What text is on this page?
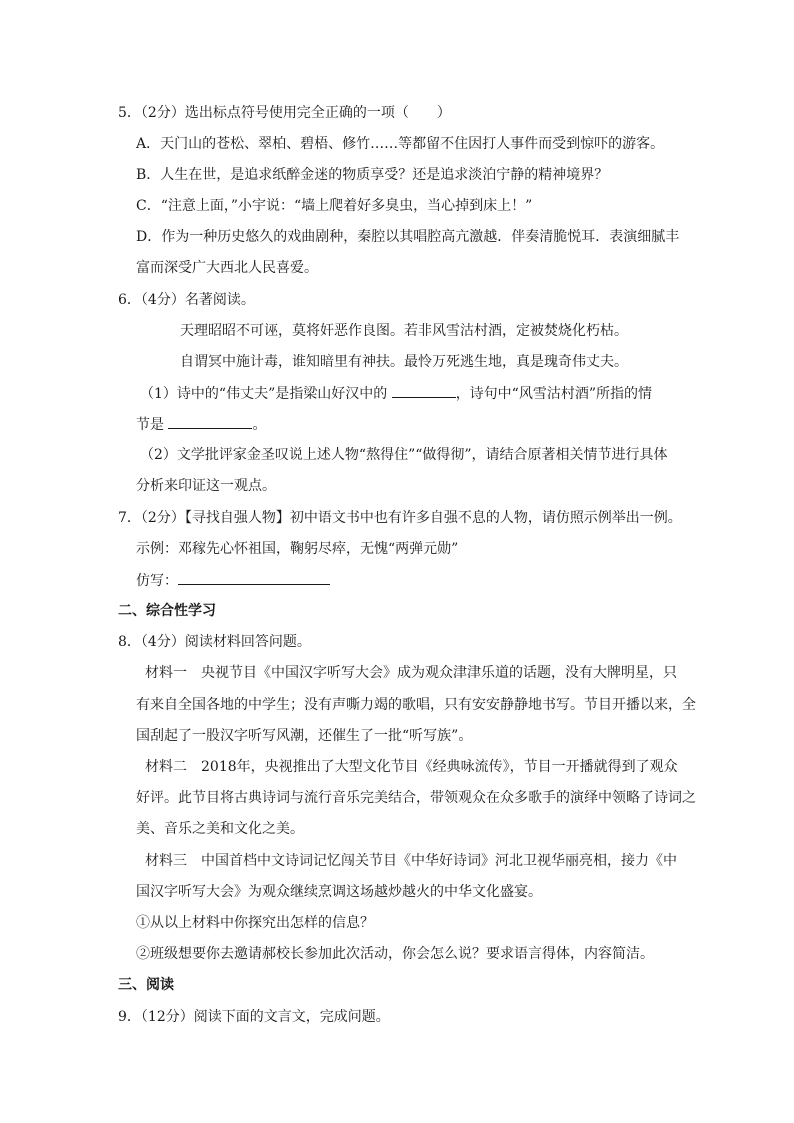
5．（2分）选出标点符号使用完全正确的一项（　　）
A．天门山的苍松、翠柏、碧梧、修竹……等都留不住因打人事件而受到惊吓的游客。
B．人生在世，是追求纸醉金迷的物质享受？还是追求淡泊宁静的精神境界？
C．“注意上面，”小宇说：“墙上爬着好多臭虫，当心掉到床上！”
D．作为一种历史悠久的戏曲剧种，秦腔以其唱腔高亢激越．伴奏清脆悦耳．表演细腻丰
富而深受广大西北人民喜爱。
6．（4分）名著阅读。
天理昭昭不可诬，莫将奸恶作良图。若非风雪沽村酒，定被焚烧化朽枯。
自谓冥中施计毒，谁知暗里有神扶。最怜万死逃生地，真是瑰奇伟丈夫。
（1）诗中的“伟丈夫”是指梁山好汉中的	，诗句中“风雪沽村酒”所指的情
节是	。
（2）文学批评家金圣叹说上述人物“熬得住”“做得彻”，请结合原著相关情节进行具体
分析来印证这一观点。
7．（2分）【寻找自强人物】初中语文书中也有许多自强不息的人物，请仿照示例举出一例。
示例：邓稼先心怀祖国，鞠躬尽瘁，无愧“两弹元勋”
仿写：
二、综合性学习
8．（4分）阅读材料回答问题。
材料一　央视节目《中国汉字听写大会》成为观众津津乐道的话题，没有大牌明星，只
有来自全国各地的中学生；没有声嘶力竭的歌唱，只有安安静静地书写。节目开播以来，全
国刮起了一股汉字听写风潮，还催生了一批“听写族”。
材料二　2018年，央视推出了大型文化节目《经典咏流传》，节目一开播就得到了观众
好评。此节目将古典诗词与流行音乐完美结合，带领观众在众多歌手的演绎中领略了诗词之
美、音乐之美和文化之美。
材料三　中国首档中文诗词记忆闯关节目《中华好诗词》河北卫视华丽亮相，接力《中
国汉字听写大会》为观众继续烹调这场越炒越火的中华文化盛宴。
①从以上材料中你探究出怎样的信息？
②班级想要你去邀请郝校长参加此次活动，你会怎么说？要求语言得体，内容简洁。
三、阅读
9．（12分）阅读下面的文言文，完成问题。
